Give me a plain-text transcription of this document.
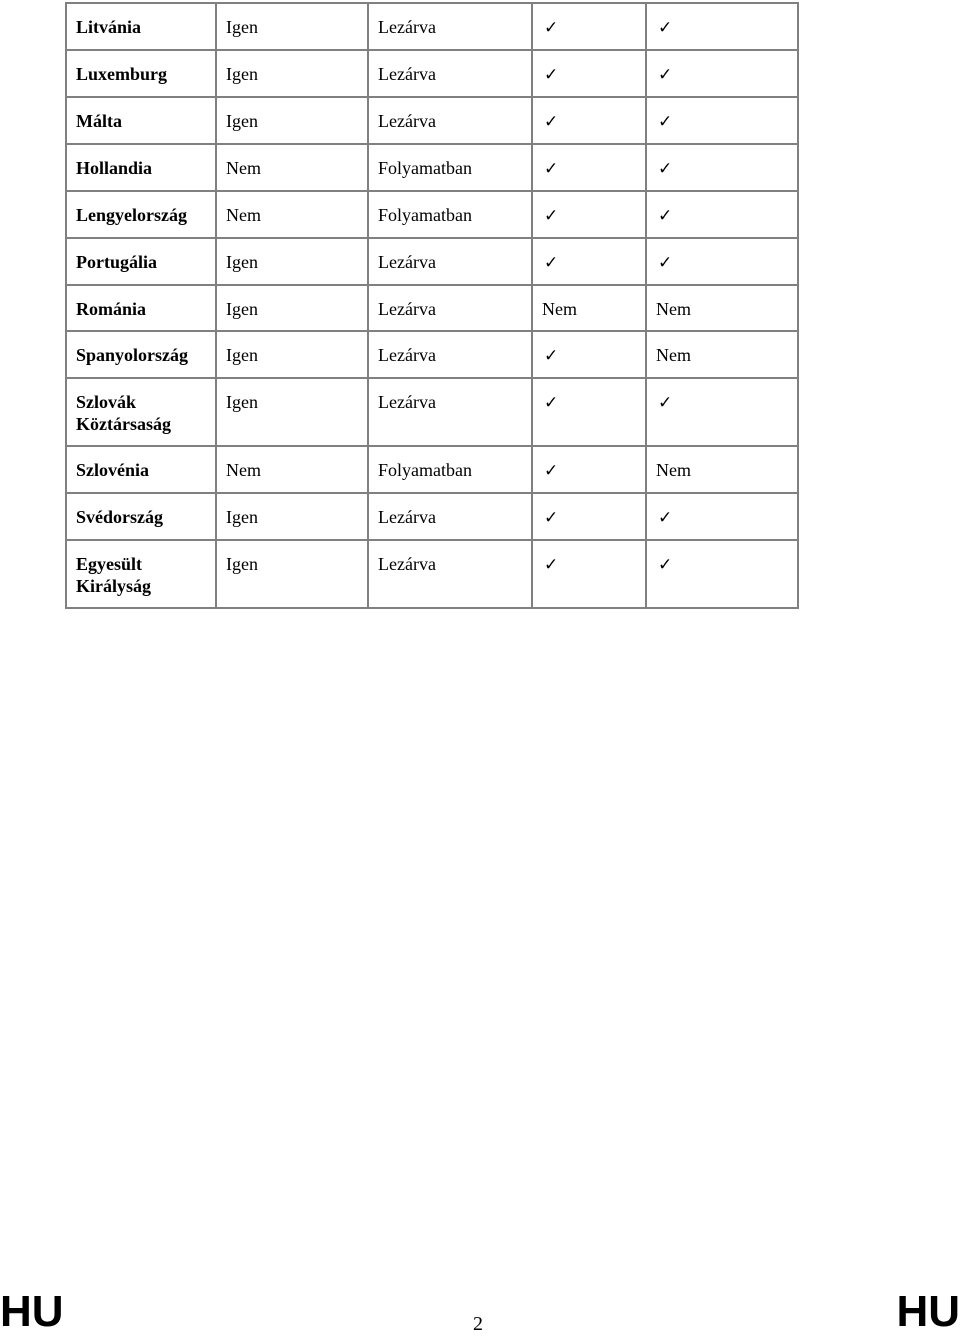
Litvánia	Igen	Lezárva	✓	✓
Luxemburg	Igen	Lezárva	✓	✓
Málta	Igen	Lezárva	✓	✓
Hollandia	Nem	Folyamatban	✓	✓
Lengyelország	Nem	Folyamatban	✓	✓
Portugália	Igen	Lezárva	✓	✓
Románia	Igen	Lezárva	Nem	Nem
Spanyolország	Igen	Lezárva	✓	Nem
Szlovák Köztársaság	Igen	Lezárva	✓	✓
Szlovénia	Nem	Folyamatban	✓	Nem
Svédország	Igen	Lezárva	✓	✓
Egyesült Királyság	Igen	Lezárva	✓	✓
HU	2	HU
